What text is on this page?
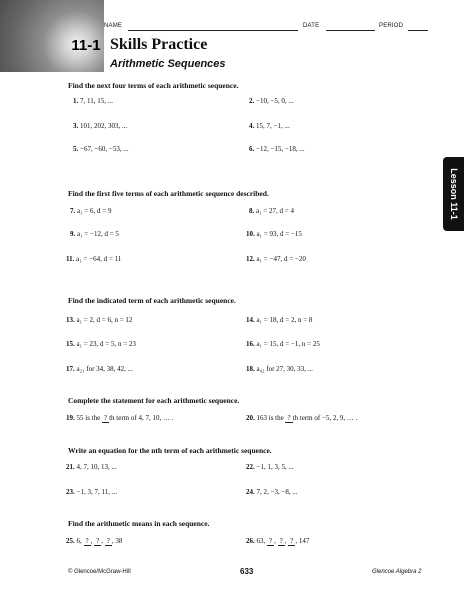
11-1 Skills Practice
Arithmetic Sequences
NAME	DATE	PERIOD
Lesson 11-1
Find the next four terms of each arithmetic sequence.
1. 7, 11, 15, ...	2. −10, −5, 0, ...
3. 101, 202, 303, ...	4. 15, 7, −1, ...
5. −67, −60, −53, ...	6. −12, −15, −18, ...
Find the first five terms of each arithmetic sequence described.
7. a₁ = 6, d = 9	8. a₁ = 27, d = 4
9. a₁ = −12, d = 5	10. a₁ = 93, d = −15
11. a₁ = −64, d = 11	12. a₁ = −47, d = −20
Find the indicated term of each arithmetic sequence.
13. a₁ = 2, d = 6, n = 12	14. a₁ = 18, d = 2, n = 8
15. a₁ = 23, d = 5, n = 23	16. a₁ = 15, d = −1, n = 25
17. a₂₁ for 34, 38, 42, ...	18. a₄₂ for 27, 30, 33, ...
Complete the statement for each arithmetic sequence.
19. 55 is the ? th term of 4, 7, 10, … .	20. 163 is the ? th term of −5, 2, 9, … .
Write an equation for the nth term of each arithmetic sequence.
21. 4, 7, 10, 13, ...	22. −1, 1, 3, 5, ...
23. −1, 3, 7, 11, ...	24. 7, 2, −3, −8, ...
Find the arithmetic means in each sequence.
25. 6, ? , ? , ? , 38	26. 63, ? , ? , ? , 147
© Glencoe/McGraw-Hill	633	Glencoe Algebra 2
